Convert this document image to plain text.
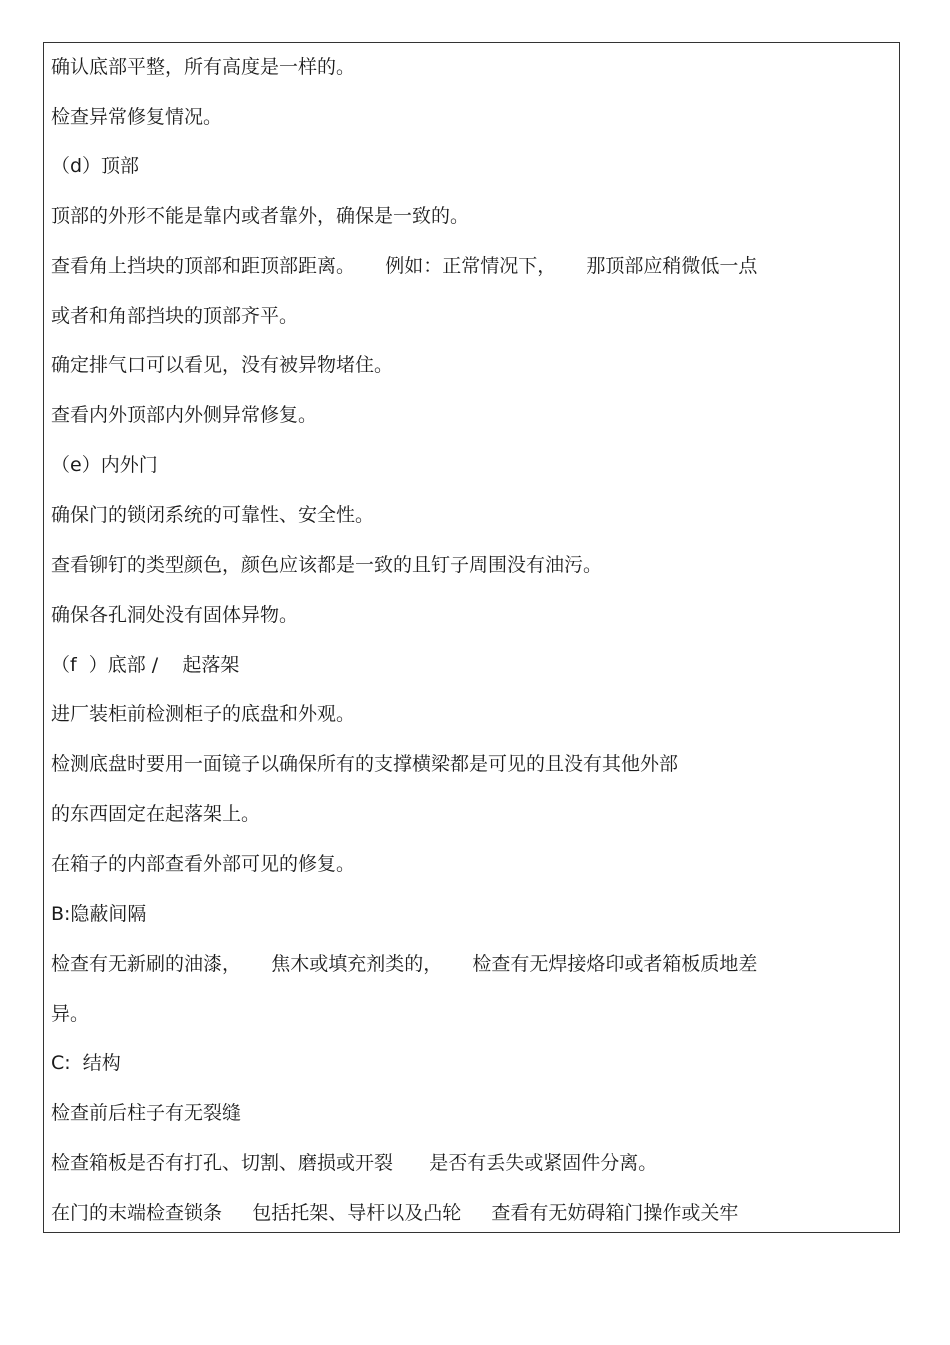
确认底部平整，所有高度是一样的。
检查异常修复情况。
（d）顶部
顶部的外形不能是靠内或者靠外，确保是一致的。
查看角上挡块的顶部和距顶部距离。     例如：正常情况下，     那顶部应稍微低一点
或者和角部挡块的顶部齐平。
确定排气口可以看见，没有被异物堵住。
查看内外顶部内外侧异常修复。
（e）内外门
确保门的锁闭系统的可靠性、安全性。
查看铆钉的类型颜色，颜色应该都是一致的且钉子周围没有油污。
确保各孔洞处没有固体异物。
（f  ）底部 /    起落架
进厂装柜前检测柜子的底盘和外观。
检测底盘时要用一面镜子以确保所有的支撑横梁都是可见的且没有其他外部
的东西固定在起落架上。
在箱子的内部查看外部可见的修复。
B:隐蔽间隔
检查有无新刷的油漆，     焦木或填充剂类的，     检查有无焊接烙印或者箱板质地差
异。
C:  结构
检查前后柱子有无裂缝
检查箱板是否有打孔、切割、磨损或开裂      是否有丢失或紧固件分离。
在门的末端检查锁条     包括托架、导杆以及凸轮     查看有无妨碍箱门操作或关牢
